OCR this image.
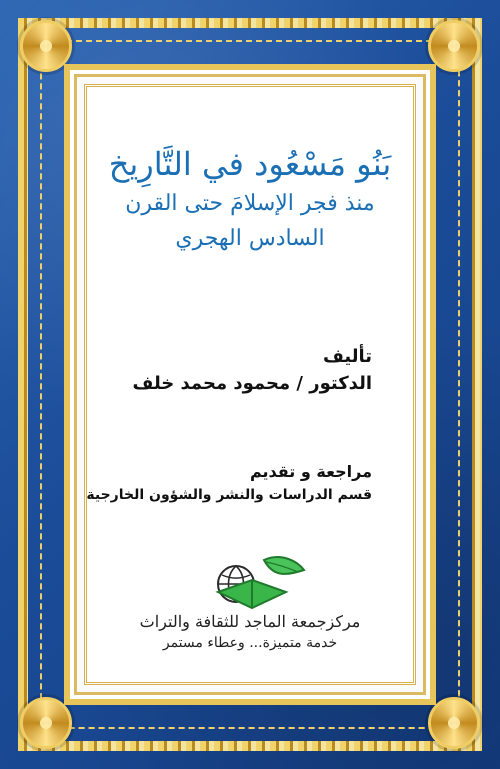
بَنُو مَسْعُود في التَّارِيخ
منذ فجر الإسلامَ حتى القرن
السادس الهجري
تأليف
الدكتور / محمود محمد خلف
مراجعة و تقديم
قسم الدراسات والنشر والشؤون الخارجية
مركزجمعة الماجد للثقافة والتراث
خدمة متميزة... وعطاء مستمر
